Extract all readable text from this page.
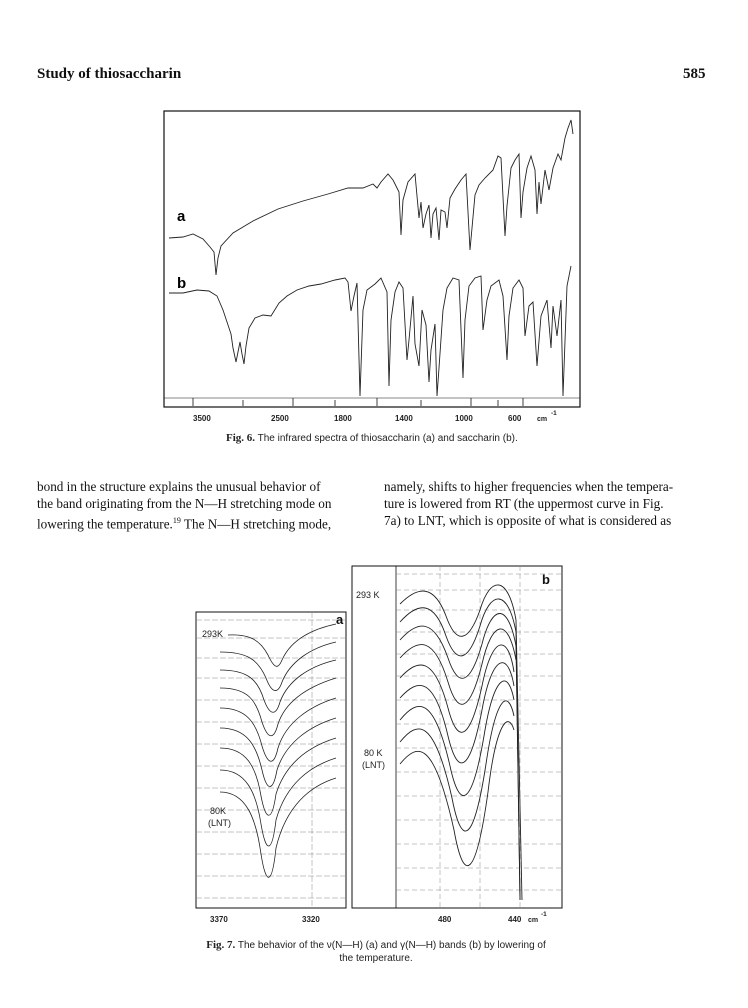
Study of thiosaccharin	585
a
b
3500	2500	1800	1400	1000	600 cm
-1
Fig. 6. The infrared spectra of thiosaccharin (a) and saccharin (b).
bond in the structure explains the unusual behavior of
the band originating from the N—H stretching mode on
lowering the temperature.$^{19}$ The N—H stretching mode,
namely, shifts to higher frequencies when the tempera-
ture is lowered from RT (the uppermost curve in Fig.
7a) to LNT, which is opposite of what is considered as
293K
80K
(LNT)
a
293 K
80 K
(LNT)
b
3370	3320	480	440 cm
-1
Fig. 7. The behavior of the ν(N—H) (a) and γ(N—H) bands (b) by lowering of
the temperature.
